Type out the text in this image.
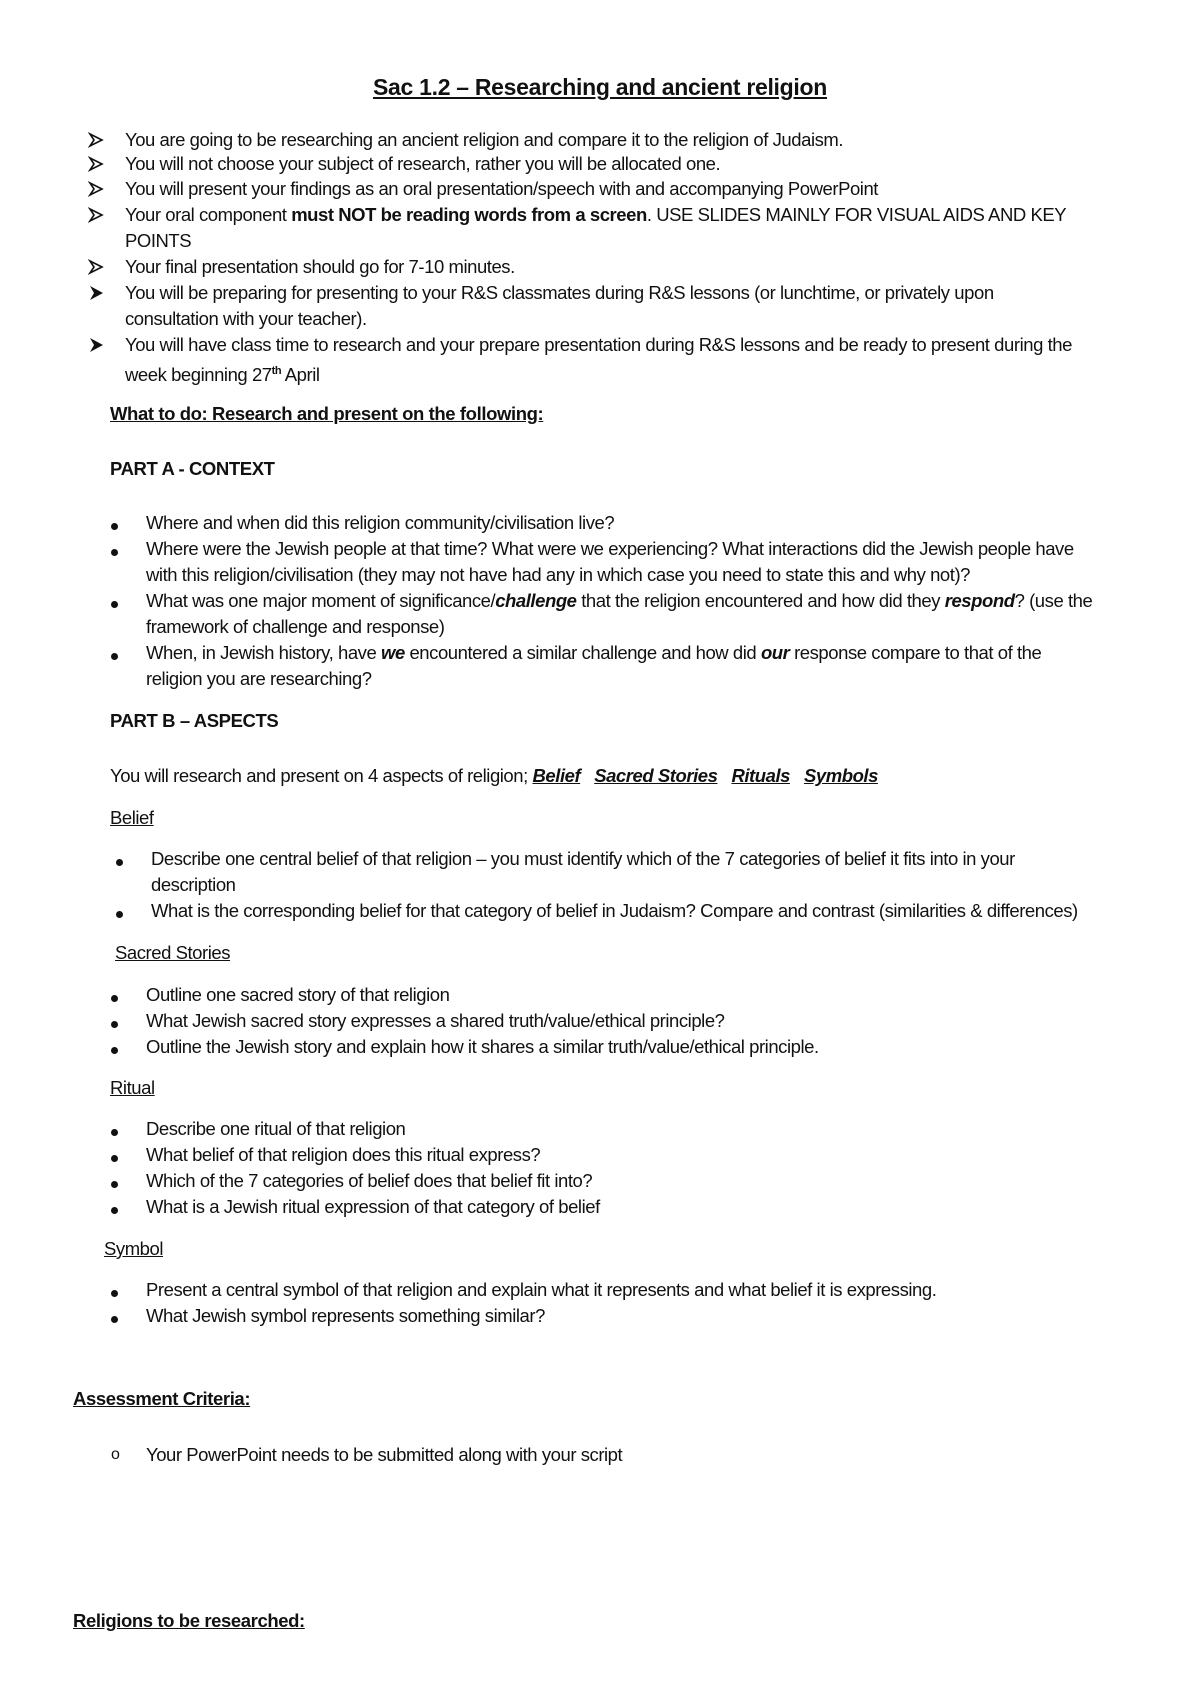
Sac 1.2 – Researching and ancient religion
You are going to be researching an ancient religion and compare it to the religion of Judaism.
You will not choose your subject of research, rather you will be allocated one.
You will present your findings as an oral presentation/speech with and accompanying PowerPoint
Your oral component must NOT be reading words from a screen. USE SLIDES MAINLY FOR VISUAL AIDS AND KEY
POINTS
Your final presentation should go for 7-10 minutes.
You will be preparing for presenting to your R&S classmates during R&S lessons (or lunchtime, or privately upon
consultation with your teacher).
You will have class time to research and your prepare presentation during R&S lessons and be ready to present during the
week beginning 27th April
What to do: Research and present on the following:
PART A - CONTEXT
Where and when did this religion community/civilisation live?
Where were the Jewish people at that time? What were we experiencing? What interactions did the Jewish people have
with this religion/civilisation (they may not have had any in which case you need to state this and why not)?
What was one major moment of significance/challenge that the religion encountered and how did they respond? (use the
framework of challenge and response)
When, in Jewish history, have we encountered a similar challenge and how did our response compare to that of the
religion you are researching?
PART B – ASPECTS
You will research and present on 4 aspects of religion; Belief Sacred Stories Rituals Symbols
Belief
Describe one central belief of that religion – you must identify which of the 7 categories of belief it fits into in your
description
What is the corresponding belief for that category of belief in Judaism? Compare and contrast (similarities & differences)
Sacred Stories
Outline one sacred story of that religion
What Jewish sacred story expresses a shared truth/value/ethical principle?
Outline the Jewish story and explain how it shares a similar truth/value/ethical principle.
Ritual
Describe one ritual of that religion
What belief of that religion does this ritual express?
Which of the 7 categories of belief does that belief fit into?
What is a Jewish ritual expression of that category of belief
Symbol
Present a central symbol of that religion and explain what it represents and what belief it is expressing.
What Jewish symbol represents something similar?
Assessment Criteria:
o Your PowerPoint needs to be submitted along with your script
Religions to be researched:
